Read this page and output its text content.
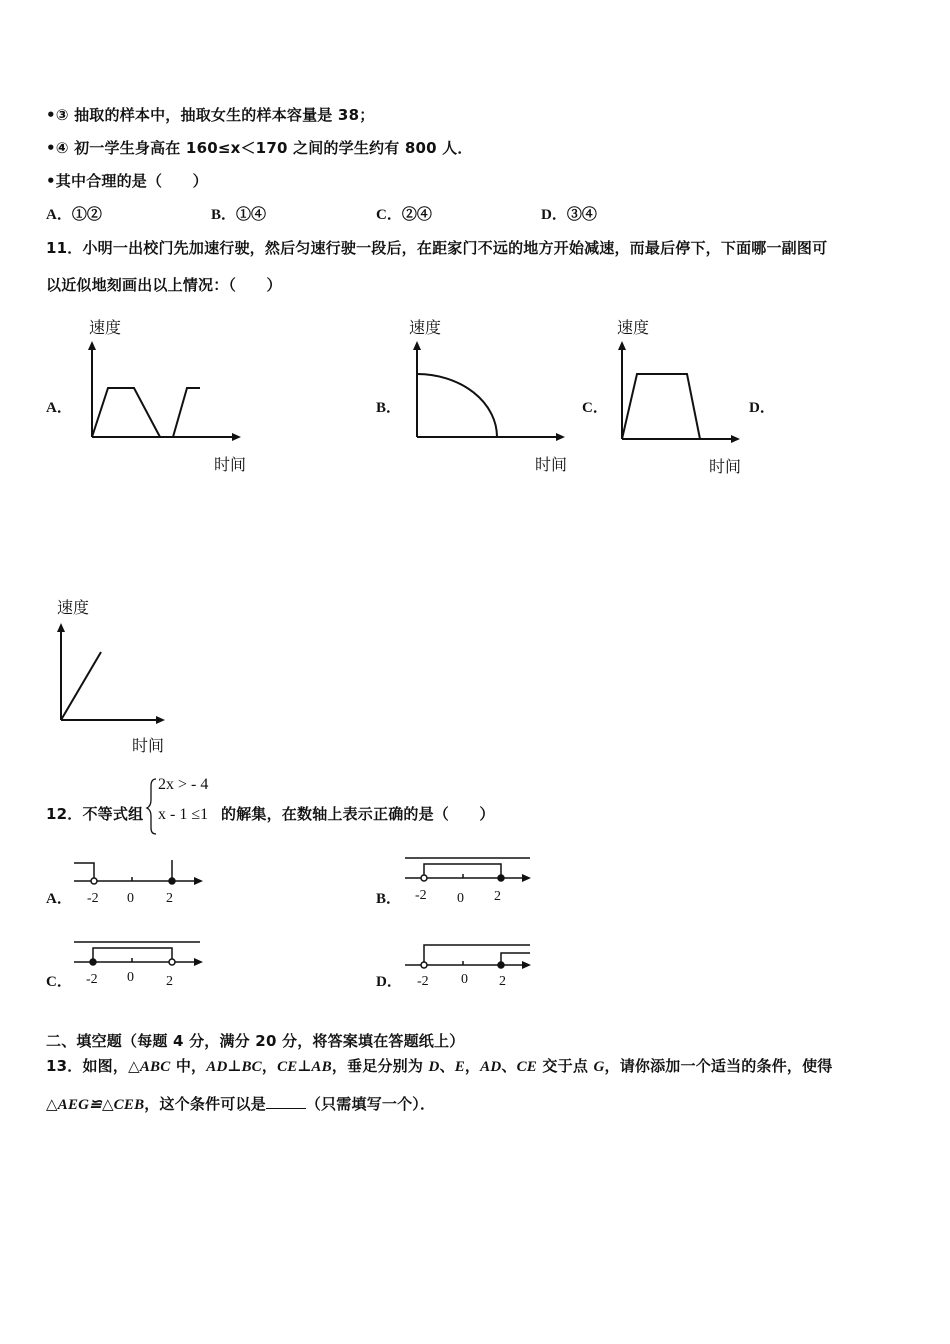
•③ 抽取的样本中，抽取女生的样本容量是 38；
•④ 初一学生身高在 160≤x＜170 之间的学生约有 800 人．
•其中合理的是（　　）
A．①②	B．①④	C．②④	D．③④
11．小明一出校门先加速行驶，然后匀速行驶一段后，在距家门不远的地方开始减速，而最后停下，下面哪一副图可
以近似地刻画出以上情况：（　　）
速度
A．
时间
速度
B．
时间
速度
C．
时间
D．
速度
时间
12．不等式组
2x > - 4
x - 1 ≤1 的解集，在数轴上表示正确的是（　　）
A． -2 0 2	B． -2 0 2
C． -2 0 2	D． -2 0 2
二、填空题（每题 4 分，满分 20 分，将答案填在答题纸上）
13．如图，△ABC 中，AD⊥BC，CE⊥AB，垂足分别为 D、E，AD、CE 交于点 G，请你添加一个适当的条件，使得
△AEG≌△CEB，这个条件可以是	（只需填写一个）．
